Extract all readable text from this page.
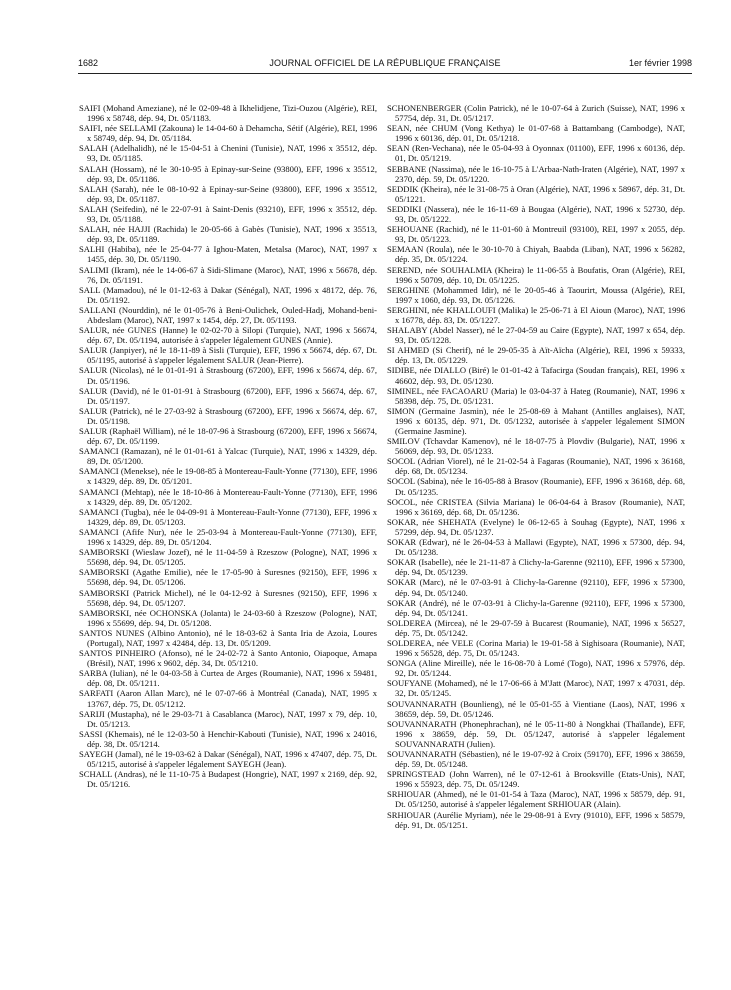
1682	JOURNAL OFFICIEL DE LA RÉPUBLIQUE FRANÇAISE	1er février 1998

SAIFI (Mohand Ameziane), né le 02-09-48 à Ikhelidjene, Tizi-Ouzou (Algérie), REI, 1996 x 58748, dép. 94, Dt. 05/1183.

SAIFI, née SELLAMI (Zakouna) le 14-04-60 à Dehamcha, Sétif (Algérie), REI, 1996 x 58749, dép. 94, Dt. 05/1184.

SALAH (Adelhalidh), né le 15-04-51 à Chenini (Tunisie), NAT, 1996 x 35512, dép. 93, Dt. 05/1185.

SALAH (Hossam), né le 30-10-95 à Epinay-sur-Seine (93800), EFF, 1996 x 35512, dép. 93, Dt. 05/1186.

SALAH (Sarah), née le 08-10-92 à Epinay-sur-Seine (93800), EFF, 1996 x 35512, dép. 93, Dt. 05/1187.

SALAH (Seifedin), né le 22-07-91 à Saint-Denis (93210), EFF, 1996 x 35512, dép. 93, Dt. 05/1188.

SALAH, née HAJJI (Rachida) le 20-05-66 à Gabès (Tunisie), NAT, 1996 x 35513, dép. 93, Dt. 05/1189.

SALHI (Habiba), née le 25-04-77 à Ighou-Maten, Metalsa (Maroc), NAT, 1997 x 1455, dép. 30, Dt. 05/1190.

SALIMI (Ikram), née le 14-06-67 à Sidi-Slimane (Maroc), NAT, 1996 x 56678, dép. 76, Dt. 05/1191.

SALL (Mamadou), né le 01-12-63 à Dakar (Sénégal), NAT, 1996 x 48172, dép. 76, Dt. 05/1192.

SALLANI (Nourddin), né le 01-05-76 à Beni-Oulichek, Ouled-Hadj, Mohand-beni-Abdeslam (Maroc), NAT, 1997 x 1454, dép. 27, Dt. 05/1193.

SALUR, née GUNES (Hanne) le 02-02-70 à Silopi (Turquie), NAT, 1996 x 56674, dép. 67, Dt. 05/1194, autorisée à s'appeler légalement GUNES (Annie).

SALUR (Janpiyer), né le 18-11-89 à Sisli (Turquie), EFF, 1996 x 56674, dép. 67, Dt. 05/1195, autorisé à s'appeler légalement SALUR (Jean-Pierre).

SALUR (Nicolas), né le 01-01-91 à Strasbourg (67200), EFF, 1996 x 56674, dép. 67, Dt. 05/1196.

SALUR (David), né le 01-01-91 à Strasbourg (67200), EFF, 1996 x 56674, dép. 67, Dt. 05/1197.

SALUR (Patrick), né le 27-03-92 à Strasbourg (67200), EFF, 1996 x 56674, dép. 67, Dt. 05/1198.

SALUR (Raphaël William), né le 18-07-96 à Strasbourg (67200), EFF, 1996 x 56674, dép. 67, Dt. 05/1199.

SAMANCI (Ramazan), né le 01-01-61 à Yalcac (Turquie), NAT, 1996 x 14329, dép. 89, Dt. 05/1200.

SAMANCI (Menekse), née le 19-08-85 à Montereau-Fault-Yonne (77130), EFF, 1996 x 14329, dép. 89, Dt. 05/1201.

SAMANCI (Mehtap), née le 18-10-86 à Montereau-Fault-Yonne (77130), EFF, 1996 x 14329, dép. 89, Dt. 05/1202.

SAMANCI (Tugba), née le 04-09-91 à Montereau-Fault-Yonne (77130), EFF, 1996 x 14329, dép. 89, Dt. 05/1203.

SAMANCI (Afife Nur), née le 25-03-94 à Montereau-Fault-Yonne (77130), EFF, 1996 x 14329, dép. 89, Dt. 05/1204.

SAMBORSKI (Wieslaw Jozef), né le 11-04-59 à Rzeszow (Pologne), NAT, 1996 x 55698, dép. 94, Dt. 05/1205.

SAMBORSKI (Agathe Emilie), née le 17-05-90 à Suresnes (92150), EFF, 1996 x 55698, dép. 94, Dt. 05/1206.

SAMBORSKI (Patrick Michel), né le 04-12-92 à Suresnes (92150), EFF, 1996 x 55698, dép. 94, Dt. 05/1207.

SAMBORSKI, née OCHONSKA (Jolanta) le 24-03-60 à Rzeszow (Pologne), NAT, 1996 x 55699, dép. 94, Dt. 05/1208.

SANTOS NUNES (Albino Antonio), né le 18-03-62 à Santa Iria de Azoia, Loures (Portugal), NAT, 1997 x 42484, dép. 13, Dt. 05/1209.

SANTOS PINHEIRO (Afonso), né le 24-02-72 à Santo Antonio, Oiapoque, Amapa (Brésil), NAT, 1996 x 9602, dép. 34, Dt. 05/1210.

SARBA (Iulian), né le 04-03-58 à Curtea de Arges (Roumanie), NAT, 1996 x 59481, dép. 08, Dt. 05/1211.

SARFATI (Aaron Allan Marc), né le 07-07-66 à Montréal (Canada), NAT, 1995 x 13767, dép. 75, Dt. 05/1212.

SARIJI (Mustapha), né le 29-03-71 à Casablanca (Maroc), NAT, 1997 x 79, dép. 10, Dt. 05/1213.

SASSI (Khemais), né le 12-03-50 à Henchir-Kabouti (Tunisie), NAT, 1996 x 24016, dép. 38, Dt. 05/1214.

SAYEGH (Jamal), né le 19-03-62 à Dakar (Sénégal), NAT, 1996 x 47407, dép. 75, Dt. 05/1215, autorisé à s'appeler légalement SAYEGH (Jean).

SCHALL (Andras), né le 11-10-75 à Budapest (Hongrie), NAT, 1997 x 2169, dép. 92, Dt. 05/1216.

SCHONENBERGER (Colin Patrick), né le 10-07-64 à Zurich (Suisse), NAT, 1996 x 57754, dép. 31, Dt. 05/1217.

SEAN, née CHUM (Vong Kethya) le 01-07-68 à Battambang (Cambodge), NAT, 1996 x 60136, dép. 01, Dt. 05/1218.

SEAN (Ren-Vechana), née le 05-04-93 à Oyonnax (01100), EFF, 1996 x 60136, dép. 01, Dt. 05/1219.

SEBBANE (Nassima), née le 16-10-75 à L'Arbaa-Nath-Iraten (Algérie), NAT, 1997 x 2370, dép. 59, Dt. 05/1220.

SEDDIK (Kheira), née le 31-08-75 à Oran (Algérie), NAT, 1996 x 58967, dép. 31, Dt. 05/1221.

SEDDIKI (Nassera), née le 16-11-69 à Bougaa (Algérie), NAT, 1996 x 52730, dép. 93, Dt. 05/1222.

SEHOUANE (Rachid), né le 11-01-60 à Montreuil (93100), REI, 1997 x 2055, dép. 93, Dt. 05/1223.

SEMAAN (Roula), née le 30-10-70 à Chiyah, Baabda (Liban), NAT, 1996 x 56282, dép. 35, Dt. 05/1224.

SEREND, née SOUHALMIA (Kheira) le 11-06-55 à Boufatis, Oran (Algérie), REI, 1996 x 50709, dép. 10, Dt. 05/1225.

SERGHINE (Mohammed Idir), né le 20-05-46 à Taourirt, Moussa (Algérie), REI, 1997 x 1060, dép. 93, Dt. 05/1226.

SERGHINI, née KHALLOUFI (Malika) le 25-06-71 à El Aioun (Maroc), NAT, 1996 x 16778, dép. 83, Dt. 05/1227.

SHALABY (Abdel Nasser), né le 27-04-59 au Caire (Egypte), NAT, 1997 x 654, dép. 93, Dt. 05/1228.

SI AHMED (Si Cherif), né le 29-05-35 à Aït-Aïcha (Algérie), REI, 1996 x 59333, dép. 13, Dt. 05/1229.

SIDIBE, née DIALLO (Biré) le 01-01-42 à Tafacirga (Soudan français), REI, 1996 x 46602, dép. 93, Dt. 05/1230.

SIMINEL, née FACAOARU (Maria) le 03-04-37 à Hateg (Roumanie), NAT, 1996 x 58398, dép. 75, Dt. 05/1231.

SIMON (Germaine Jasmin), née le 25-08-69 à Mahant (Antilles anglaises), NAT, 1996 x 60135, dép. 971, Dt. 05/1232, autorisée à s'appeler légalement SIMON (Germaine Jasmine).

SMILOV (Tchavdar Kamenov), né le 18-07-75 à Plovdiv (Bulgarie), NAT, 1996 x 56069, dép. 93, Dt. 05/1233.

SOCOL (Adrian Viorel), né le 21-02-54 à Fagaras (Roumanie), NAT, 1996 x 36168, dép. 68, Dt. 05/1234.

SOCOL (Sabina), née le 16-05-88 à Brasov (Roumanie), EFF, 1996 x 36168, dép. 68, Dt. 05/1235.

SOCOL, née CRISTEA (Silvia Mariana) le 06-04-64 à Brasov (Roumanie), NAT, 1996 x 36169, dép. 68, Dt. 05/1236.

SOKAR, née SHEHATA (Evelyne) le 06-12-65 à Souhag (Egypte), NAT, 1996 x 57299, dép. 94, Dt. 05/1237.

SOKAR (Edwar), né le 26-04-53 à Mallawi (Egypte), NAT, 1996 x 57300, dép. 94, Dt. 05/1238.

SOKAR (Isabelle), née le 21-11-87 à Clichy-la-Garenne (92110), EFF, 1996 x 57300, dép. 94, Dt. 05/1239.

SOKAR (Marc), né le 07-03-91 à Clichy-la-Garenne (92110), EFF, 1996 x 57300, dép. 94, Dt. 05/1240.

SOKAR (André), né le 07-03-91 à Clichy-la-Garenne (92110), EFF, 1996 x 57300, dép. 94, Dt. 05/1241.

SOLDEREA (Mircea), né le 29-07-59 à Bucarest (Roumanie), NAT, 1996 x 56527, dép. 75, Dt. 05/1242.

SOLDEREA, née VELE (Corina Maria) le 19-01-58 à Sighisoara (Roumanie), NAT, 1996 x 56528, dép. 75, Dt. 05/1243.

SONGA (Aline Mireille), née le 16-08-70 à Lomé (Togo), NAT, 1996 x 57976, dép. 92, Dt. 05/1244.

SOUFYANE (Mohamed), né le 17-06-66 à M'Jatt (Maroc), NAT, 1997 x 47031, dép. 32, Dt. 05/1245.

SOUVANNARATH (Bounlieng), né le 05-01-55 à Vientiane (Laos), NAT, 1996 x 38659, dép. 59, Dt. 05/1246.

SOUVANNARATH (Phonephrachan), né le 05-11-80 à Nongkhai (Thaïlande), EFF, 1996 x 38659, dép. 59, Dt. 05/1247, autorisé à s'appeler légalement SOUVANNARATH (Julien).

SOUVANNARATH (Sébastien), né le 19-07-92 à Croix (59170), EFF, 1996 x 38659, dép. 59, Dt. 05/1248.

SPRINGSTEAD (John Warren), né le 07-12-61 à Brooksville (Etats-Unis), NAT, 1996 x 55923, dép. 75, Dt. 05/1249.

SRHIOUAR (Ahmed), né le 01-01-54 à Taza (Maroc), NAT, 1996 x 58579, dép. 91, Dt. 05/1250, autorisé à s'appeler légalement SRHIOUAR (Alain).

SRHIOUAR (Aurélie Myriam), née le 29-08-91 à Evry (91010), EFF, 1996 x 58579, dép. 91, Dt. 05/1251.
